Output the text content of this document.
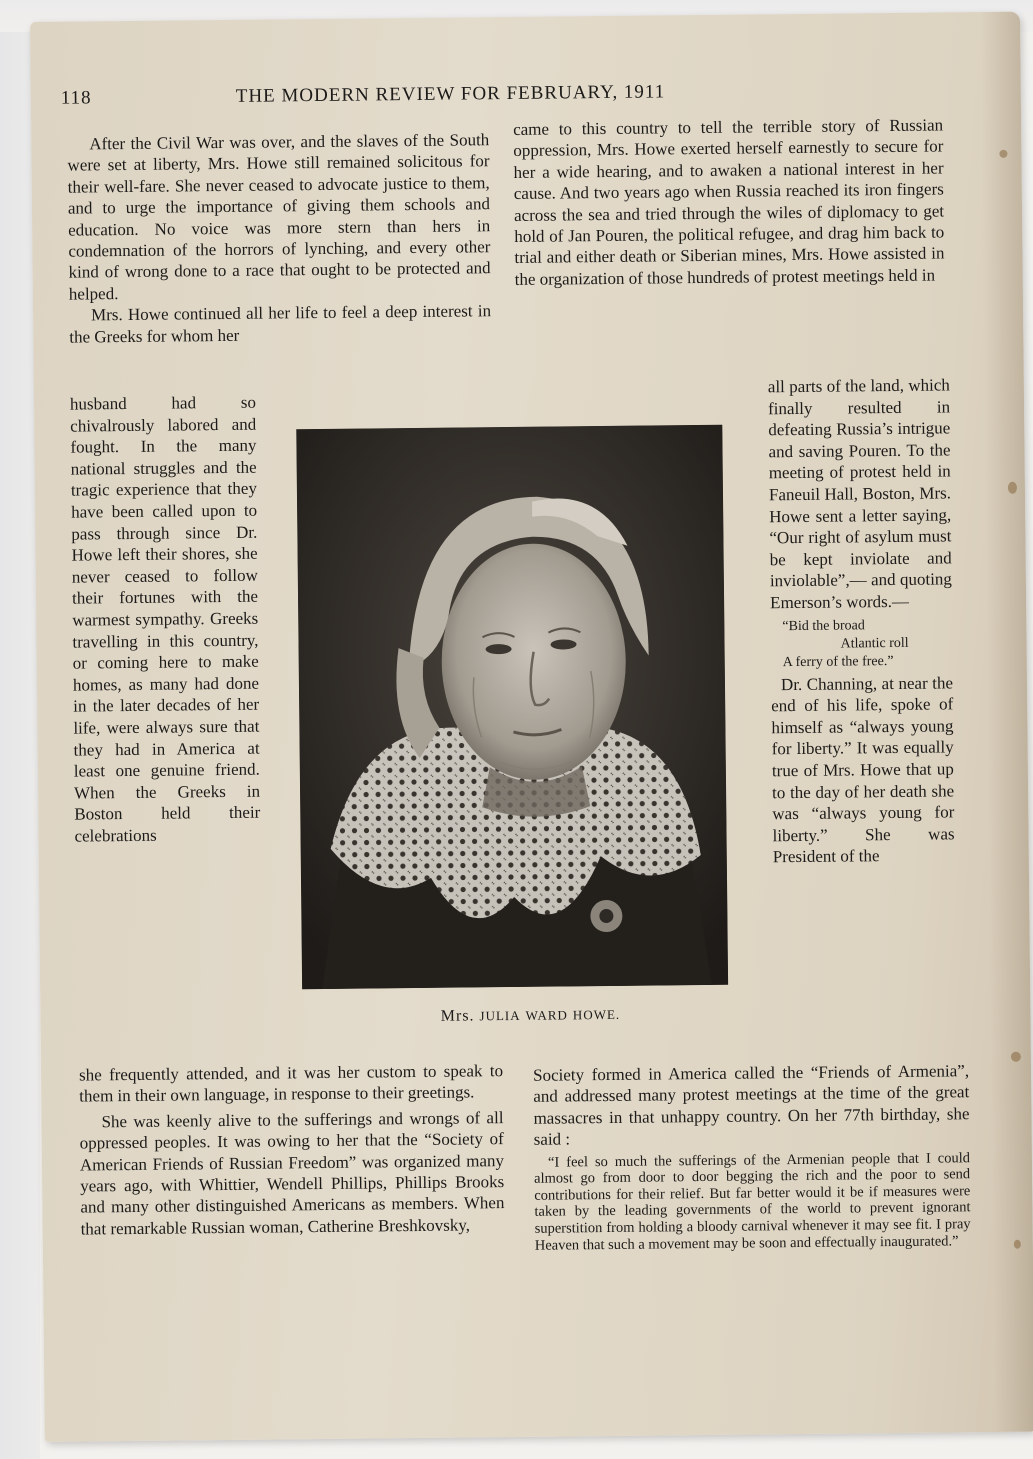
118	THE MODERN REVIEW FOR FEBRUARY, 1911

After the Civil War was over, and the slaves of the South were set at liberty, Mrs. Howe still remained solicitous for their well-fare. She never ceased to advocate justice to them, and to urge the importance of giving them schools and education. No voice was more stern than hers in condemnation of the horrors of lynching, and every other kind of wrong done to a race that ought to be protected and helped.

Mrs. Howe continued all her life to feel a deep interest in the Greeks for whom her

husband had so chivalrously labored and fought. In the many national struggles and the tragic experience that they have been called upon to pass through since Dr. Howe left their shores, she never ceased to follow their fortunes with the warmest sympathy. Greeks travelling in this country, or coming here to make homes, as many had done in the later decades of her life, were always sure that they had in America at least one genuine friend. When the Greeks in Boston held their celebrations

she frequently attended, and it was her custom to speak to them in their own language, in response to their greetings.

She was keenly alive to the sufferings and wrongs of all oppressed peoples. It was owing to her that the “Society of American Friends of Russian Freedom” was organized many years ago, with Whittier, Wendell Phillips, Phillips Brooks and many other distinguished Americans as members. When that remarkable Russian woman, Catherine Breshkovsky,

came to this country to tell the terrible story of Russian oppression, Mrs. Howe exerted herself earnestly to secure for her a wide hearing, and to awaken a national interest in her cause. And two years ago when Russia reached its iron fingers across the sea and tried through the wiles of diplomacy to get hold of Jan Pouren, the political refugee, and drag him back to trial and either death or Siberian mines, Mrs. Howe assisted in the organization of those hundreds of protest meetings held in

all parts of the land, which finally resulted in defeating Russia’s intrigue and saving Pouren. To the meeting of protest held in Faneuil Hall, Boston, Mrs. Howe sent a letter saying, “Our right of asylum must be kept inviolate and inviolable”,— and quoting Emerson’s words.—

“Bid the broad
Atlantic roll
A ferry of the free.”

Dr. Channing, at near the end of his life, spoke of himself as “always young for liberty.” It was equally true of Mrs. Howe that up to the day of her death she was “always young for liberty.” She was President of the

Society formed in America called the “Friends of Armenia”, and addressed many protest meetings at the time of the great massacres in that unhappy country. On her 77th birthday, she said :

“I feel so much the sufferings of the Armenian people that I could almost go from door to door begging the rich and the poor to send contributions for their relief. But far better would it be if measures were taken by the leading governments of the world to prevent ignorant superstition from holding a bloody carnival whenever it may see fit. I pray Heaven that such a movement may be soon and effectually inaugurated.”

Mrs. JULIA WARD HOWE.
